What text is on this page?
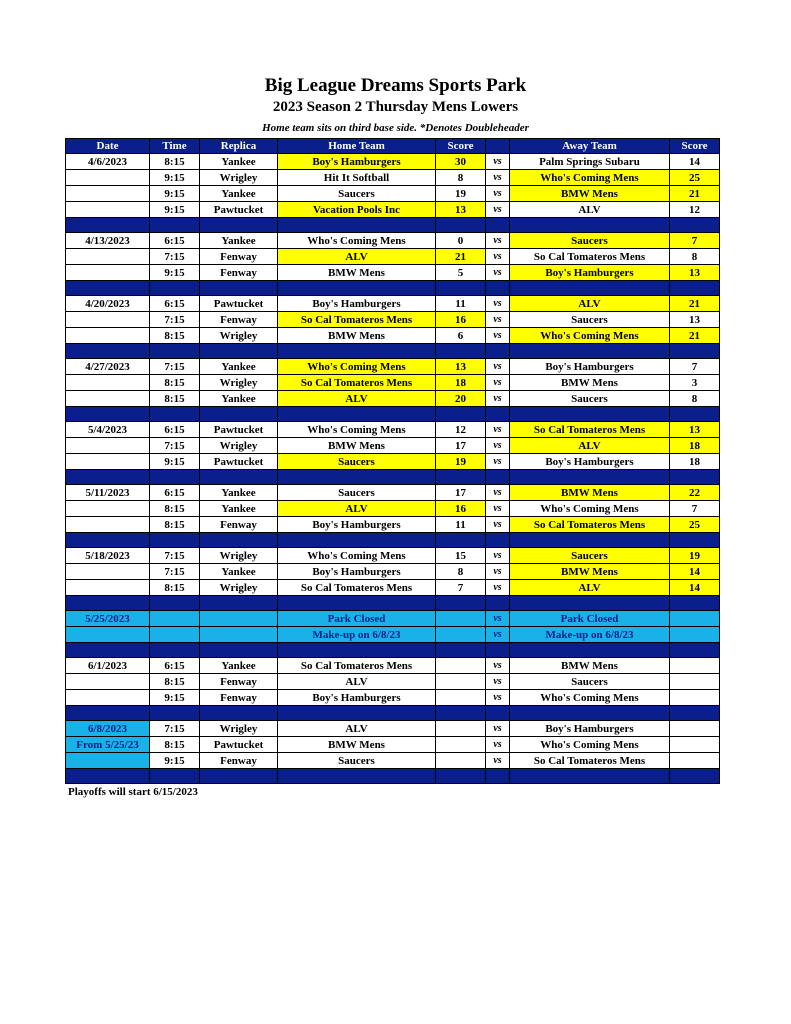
Big League Dreams Sports Park
2023 Season 2 Thursday Mens Lowers
Home team sits on third base side. *Denotes Doubleheader
Date	Time	Replica	Home Team	Score		Away Team	Score
4/6/2023	8:15	Yankee	Boy's Hamburgers	30	vs	Palm Springs Subaru	14
	9:15	Wrigley	Hit It Softball	8	vs	Who's Coming Mens	25
	9:15	Yankee	Saucers	19	vs	BMW Mens	21
	9:15	Pawtucket	Vacation Pools Inc	13	vs	ALV	12

4/13/2023	6:15	Yankee	Who's Coming Mens	0	vs	Saucers	7
	7:15	Fenway	ALV	21	vs	So Cal Tomateros Mens	8
	9:15	Fenway	BMW Mens	5	vs	Boy's Hamburgers	13

4/20/2023	6:15	Pawtucket	Boy's Hamburgers	11	vs	ALV	21
	7:15	Fenway	So Cal Tomateros Mens	16	vs	Saucers	13
	8:15	Wrigley	BMW Mens	6	vs	Who's Coming Mens	21

4/27/2023	7:15	Yankee	Who's Coming Mens	13	vs	Boy's Hamburgers	7
	8:15	Wrigley	So Cal Tomateros Mens	18	vs	BMW Mens	3
	8:15	Yankee	ALV	20	vs	Saucers	8

5/4/2023	6:15	Pawtucket	Who's Coming Mens	12	vs	So Cal Tomateros Mens	13
	7:15	Wrigley	BMW Mens	17	vs	ALV	18
	9:15	Pawtucket	Saucers	19	vs	Boy's Hamburgers	18

5/11/2023	6:15	Yankee	Saucers	17	vs	BMW Mens	22
	8:15	Yankee	ALV	16	vs	Who's Coming Mens	7
	8:15	Fenway	Boy's Hamburgers	11	vs	So Cal Tomateros Mens	25

5/18/2023	7:15	Wrigley	Who's Coming Mens	15	vs	Saucers	19
	7:15	Yankee	Boy's Hamburgers	8	vs	BMW Mens	14
	8:15	Wrigley	So Cal Tomateros Mens	7	vs	ALV	14

5/25/2023			Park Closed		vs	Park Closed	
			Make-up on 6/8/23		vs	Make-up on 6/8/23	

6/1/2023	6:15	Yankee	So Cal Tomateros Mens		vs	BMW Mens	
	8:15	Fenway	ALV		vs	Saucers	
	9:15	Fenway	Boy's Hamburgers		vs	Who's Coming Mens	

6/8/2023	7:15	Wrigley	ALV		vs	Boy's Hamburgers	
From 5/25/23	8:15	Pawtucket	BMW Mens		vs	Who's Coming Mens	
	9:15	Fenway	Saucers		vs	So Cal Tomateros Mens	

Playoffs will start 6/15/2023
